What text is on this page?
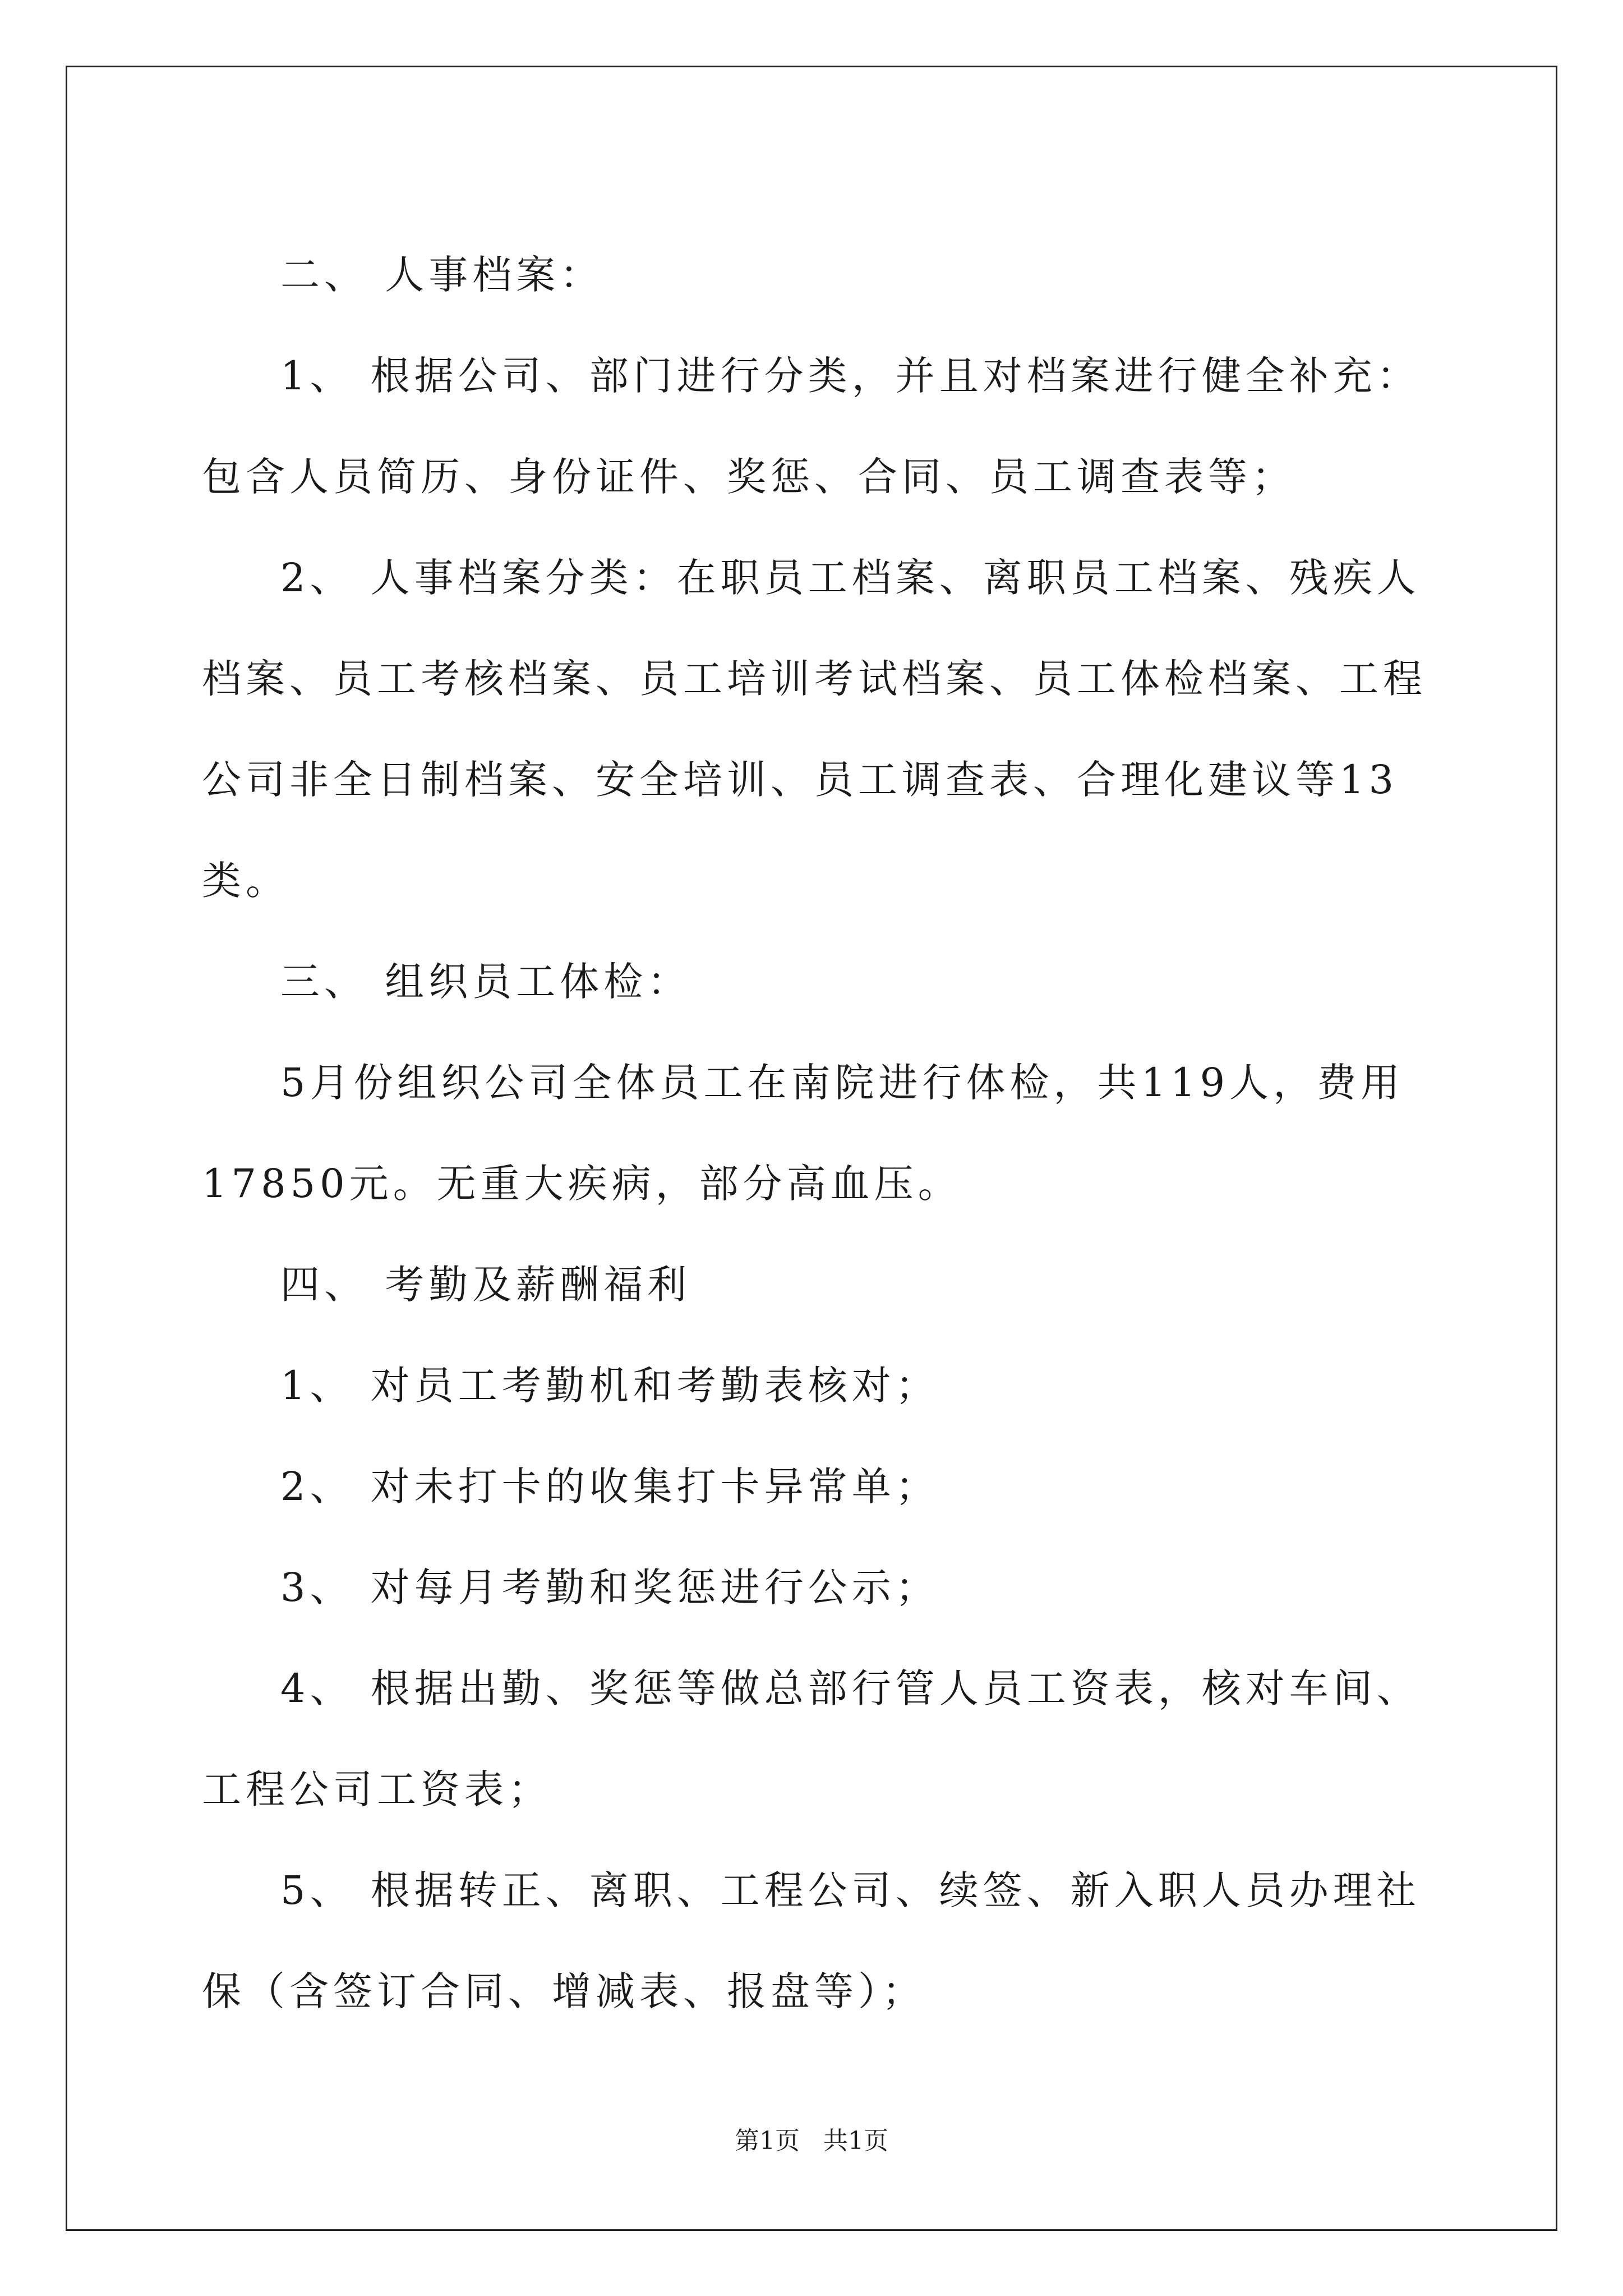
二、 人事档案：

1、 根据公司、部门进行分类，并且对档案进行健全补充：包含人员简历、身份证件、奖惩、合同、员工调查表等；

2、 人事档案分类：在职员工档案、离职员工档案、残疾人档案、员工考核档案、员工培训考试档案、员工体检档案、工程公司非全日制档案、安全培训、员工调查表、合理化建议等13类。

三、 组织员工体检：

5月份组织公司全体员工在南院进行体检，共119人，费用17850元。无重大疾病，部分高血压。

四、 考勤及薪酬福利

1、 对员工考勤机和考勤表核对；

2、 对未打卡的收集打卡异常单；

3、 对每月考勤和奖惩进行公示；

4、 根据出勤、奖惩等做总部行管人员工资表，核对车间、工程公司工资表；

5、 根据转正、离职、工程公司、续签、新入职人员办理社保（含签订合同、增减表、报盘等）；

第1页 共1页
